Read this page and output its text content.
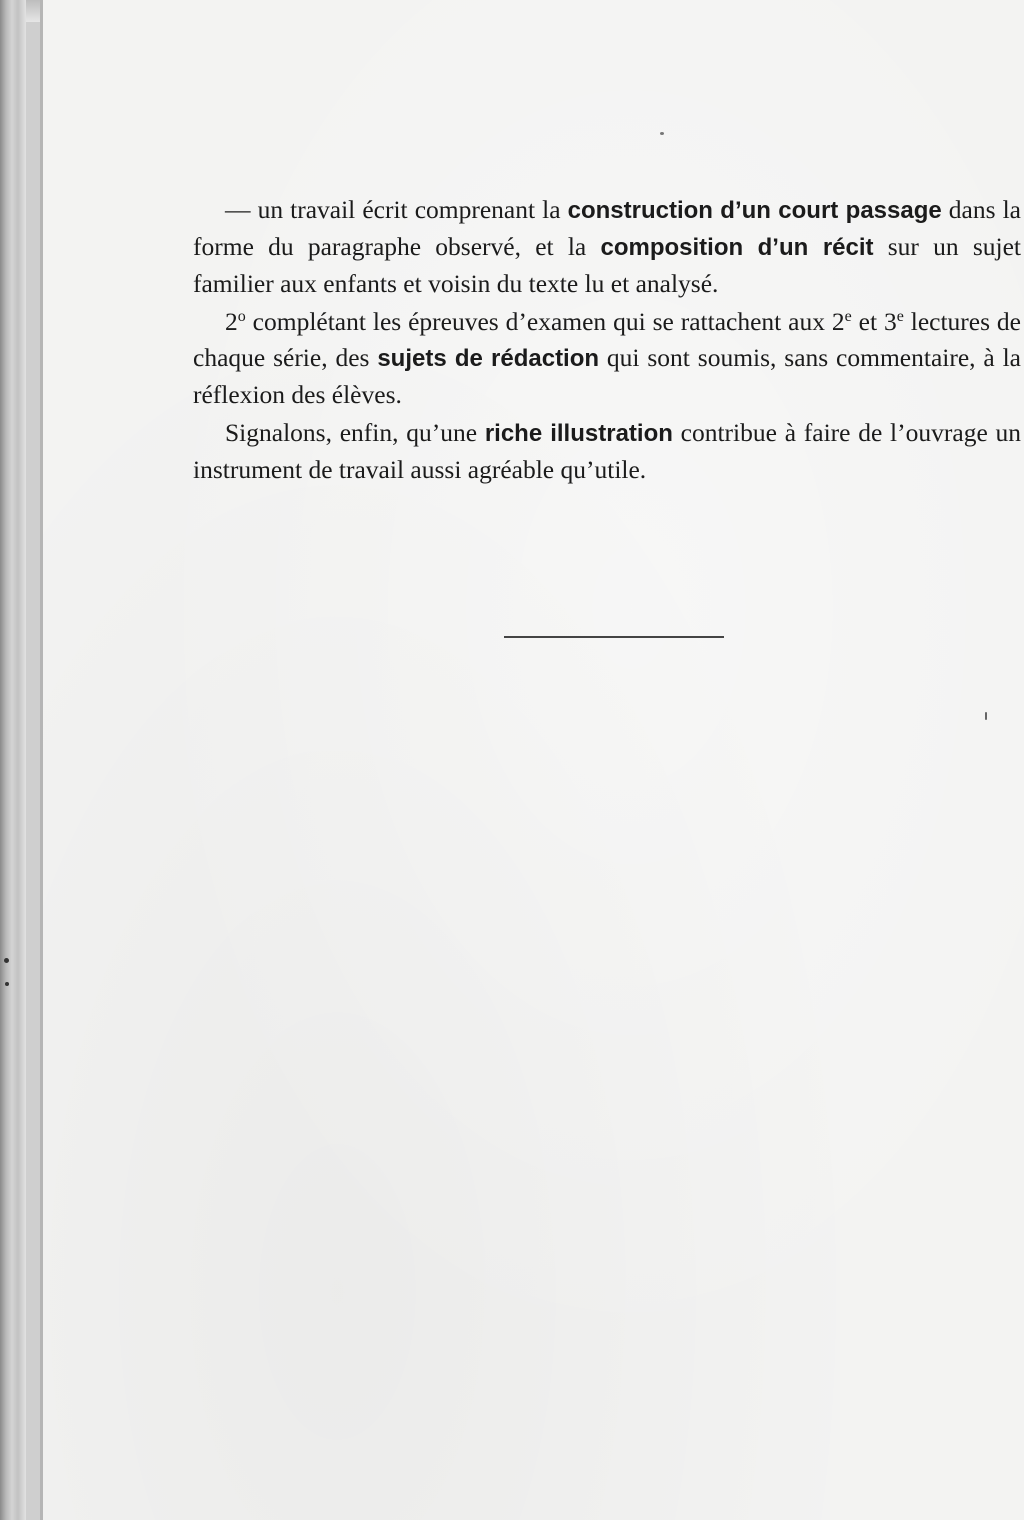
— un travail écrit comprenant la construction d’un court passage dans la forme du paragraphe observé, et la composition d’un récit sur un sujet familier aux enfants et voisin du texte lu et analysé.

2$^o$ complétant les épreuves d’examen qui se rattachent aux 2e et 3e lectures de chaque série, des sujets de rédaction qui sont soumis, sans commentaire, à la réflexion des élèves.

Signalons, enfin, qu’une riche illustration contribue à faire de l’ouvrage un instrument de travail aussi agréable qu’utile.
